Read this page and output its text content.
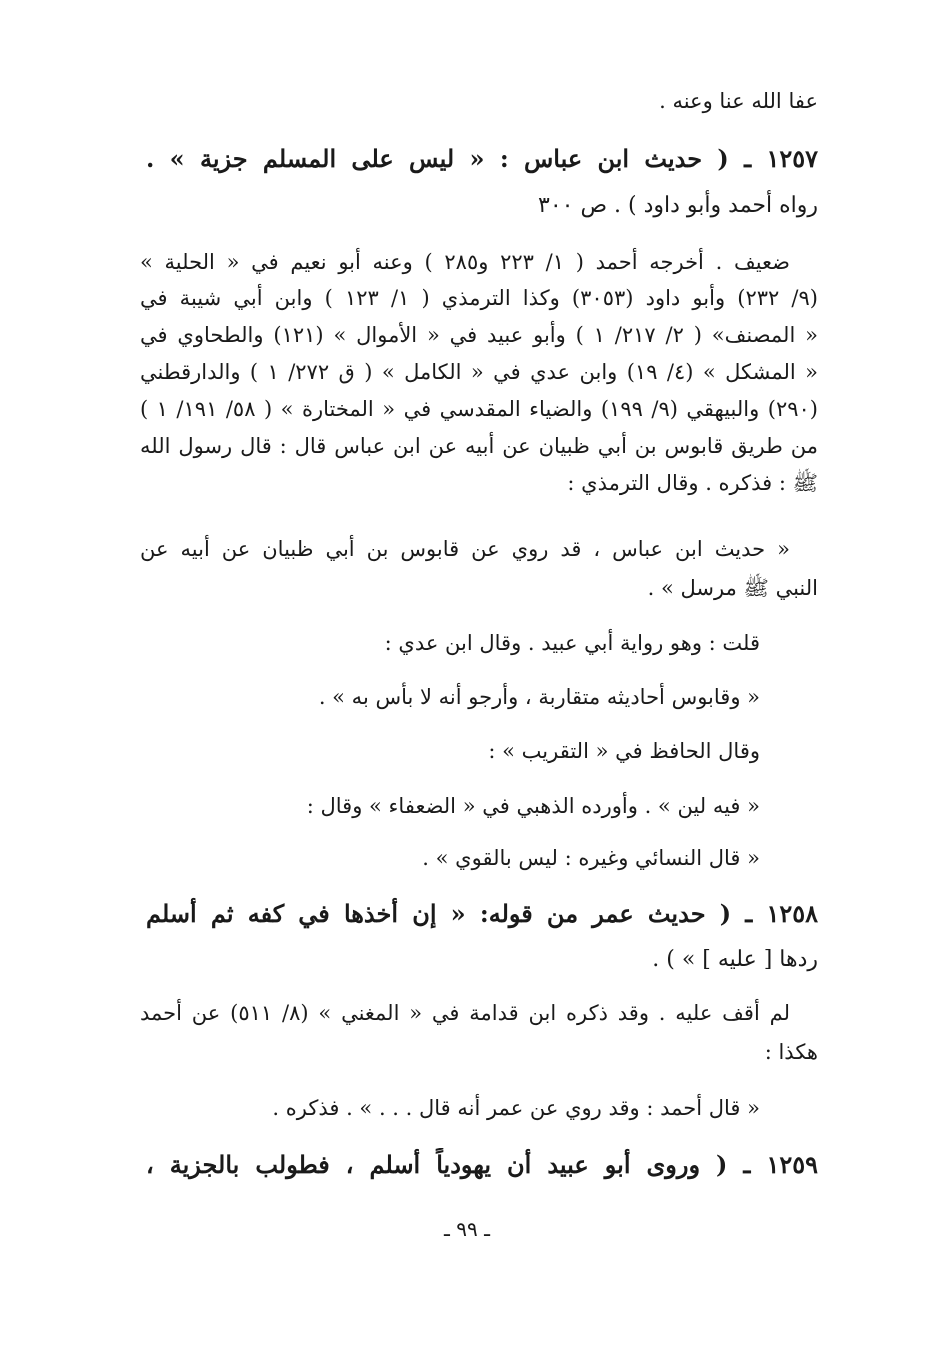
عفا الله عنا وعنه .
١٢٥٧ ـ ( حديث ابن عباس : « ليس على المسلم جزية » .
رواه أحمد وأبو داود ) . ص ٣٠٠
ضعيف . أخرجه أحمد ( ١/ ٢٢٣ و٢٨٥ ) وعنه أبو نعيم في « الحلية »
(٩/ ٢٣٢) وأبو داود (٣٠٥٣) وكذا الترمذي ( ١/ ١٢٣ ) وابن أبي شيبة في
« المصنف» ( ٢/ ٢١٧/ ١ ) وأبو عبيد في « الأموال » (١٢١) والطحاوي في
« المشكل » (٤/ ١٩) وابن عدي في « الكامل » ( ق ٢٧٢/ ١ ) والدارقطني
(٢٩٠) والبيهقي (٩/ ١٩٩) والضياء المقدسي في « المختارة » ( ٥٨/ ١٩١/ ١ )
من طريق قابوس بن أبي ظبيان عن أبيه عن ابن عباس قال : قال رسول الله
ﷺ : فذكره . وقال الترمذي :
« حديث ابن عباس ، قد روي عن قابوس بن أبي ظبيان عن أبيه عن
النبي ﷺ مرسل » .
قلت : وهو رواية أبي عبيد . وقال ابن عدي :
« وقابوس أحاديثه متقاربة ، وأرجو أنه لا بأس به » .
وقال الحافظ في « التقريب » :
« فيه لين » . وأورده الذهبي في « الضعفاء » وقال :
« قال النسائي وغيره : ليس بالقوي » .
١٢٥٨ ـ ( حديث عمر من قوله: « إن أخذها في كفه ثم أسلم
ردها [ عليه ] » ) .
لم أقف عليه . وقد ذكره ابن قدامة في « المغني » (٨/ ٥١١) عن أحمد
هكذا :
« قال أحمد : وقد روي عن عمر أنه قال . . . » . فذكره .
١٢٥٩ ـ ( وروى أبو عبيد أن يهودياً أسلم ، فطولب بالجزية ،
ـ ٩٩ ـ
